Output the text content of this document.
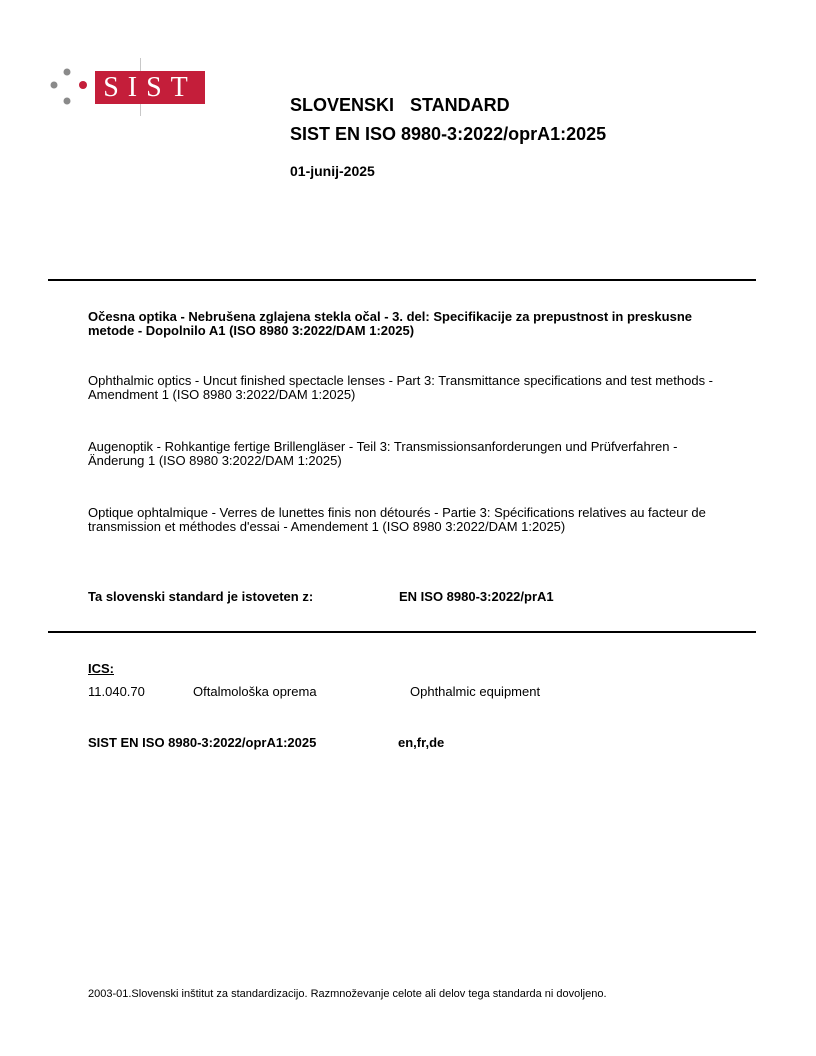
SIST
SLOVENSKI  STANDARD
SIST EN ISO 8980-3:2022/oprA1:2025
01-junij-2025
Očesna optika - Nebrušena zglajena stekla očal - 3. del: Specifikacije za prepustnost in preskusne metode - Dopolnilo A1 (ISO 8980 3:2022/DAM 1:2025)
Ophthalmic optics - Uncut finished spectacle lenses - Part 3: Transmittance specifications and test methods - Amendment 1 (ISO 8980 3:2022/DAM 1:2025)
Augenoptik - Rohkantige fertige Brillengläser - Teil 3: Transmissionsanforderungen und Prüfverfahren - Änderung 1 (ISO 8980 3:2022/DAM 1:2025)
Optique ophtalmique - Verres de lunettes finis non détourés - Partie 3: Spécifications relatives au facteur de transmission et méthodes d'essai - Amendement 1 (ISO 8980 3:2022/DAM 1:2025)
Ta slovenski standard je istoveten z:	EN ISO 8980-3:2022/prA1
ICS:
11.040.70	Oftalmološka oprema	Ophthalmic equipment
SIST EN ISO 8980-3:2022/oprA1:2025	en,fr,de
2003-01.Slovenski inštitut za standardizacijo. Razmnoževanje celote ali delov tega standarda ni dovoljeno.
